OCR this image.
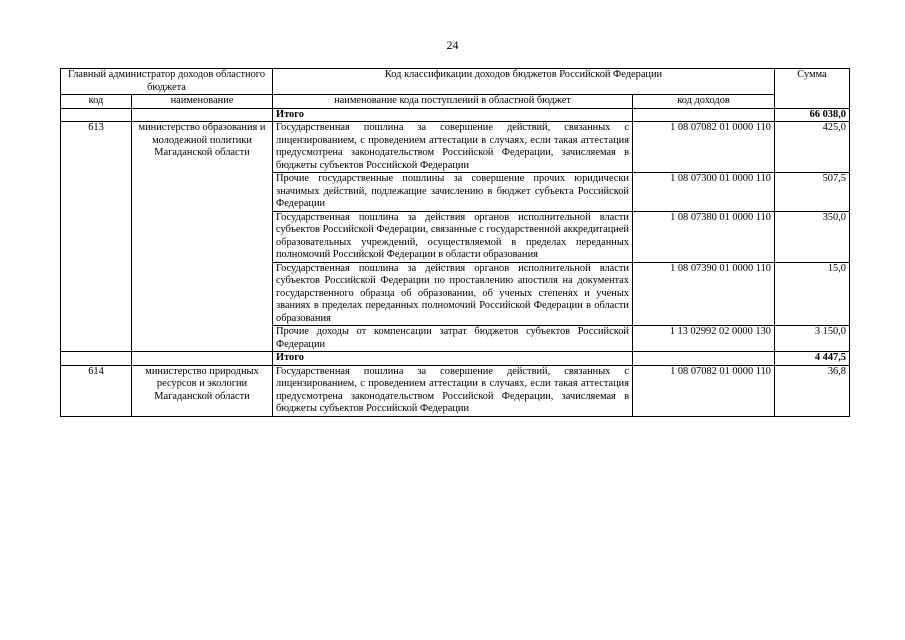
24
Главный администратор доходов областного бюджета		Код классификации доходов бюджетов Российской Федерации		Сумма
код	наименование	наименование кода поступлений в областной бюджет	код доходов	
		Итого		66 038,0
613	министерство образования и молодежной политики Магаданской области	Государственная пошлина за совершение действий, связанных с лицензированием, с проведением аттестации в случаях, если такая аттестация предусмотрена законодательством Российской Федерации, зачисляемая в бюджеты субъектов Российской Федерации	1 08 07082 01 0000 110	425,0
		Прочие государственные пошлины за совершение прочих юридически значимых действий, подлежащие зачислению в бюджет субъекта Российской Федерации	1 08 07300 01 0000 110	507,5
		Государственная пошлина за действия органов исполнительной власти субъектов Российской Федерации, связанные с государственной аккредитацией образовательных учреждений, осуществляемой в пределах переданных полномочий Российской Федерации в области образования	1 08 07380 01 0000 110	350,0
		Государственная пошлина за действия органов исполнительной власти субъектов Российской Федерации по проставлению апостиля на документах государственного образца об образовании, об ученых степенях и ученых званиях в пределах переданных полномочий Российской Федерации в области образования	1 08 07390 01 0000 110	15,0
		Прочие доходы от компенсации затрат бюджетов субъектов Российской Федерации	1 13 02992 02 0000 130	3 150,0
		Итого		4 447,5
614	министерство природных ресурсов и экологии Магаданской области	Государственная пошлина за совершение действий, связанных с лицензированием, с проведением аттестации в случаях, если такая аттестация предусмотрена законодательством Российской Федерации, зачисляемая в бюджеты субъектов Российской Федерации	1 08 07082 01 0000 110	36,8
